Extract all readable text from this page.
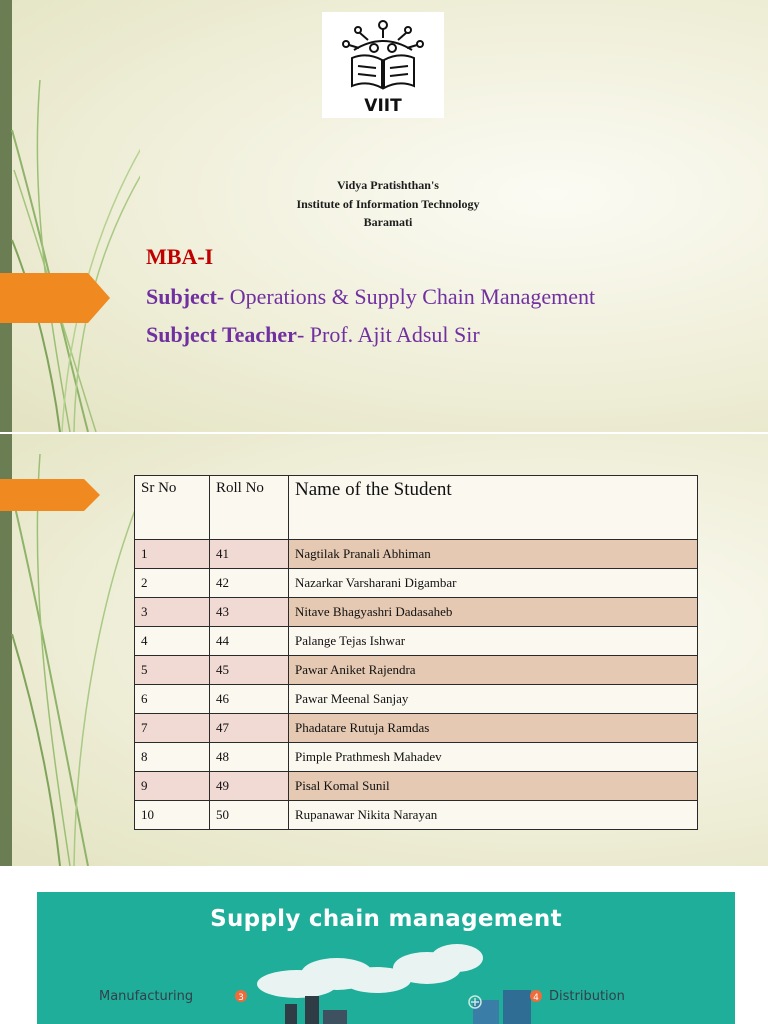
VIIT
Vidya Pratishthan's
Institute of Information Technology
Baramati
MBA-I
Subject- Operations & Supply Chain Management
Subject Teacher- Prof. Ajit Adsul Sir
Sr No	Roll No	Name of the Student
1	41	Nagtilak Pranali Abhiman
2	42	Nazarkar Varsharani Digambar
3	43	Nitave Bhagyashri Dadasaheb
4	44	Palange Tejas Ishwar
5	45	Pawar Aniket Rajendra
6	46	Pawar Meenal Sanjay
7	47	Phadatare Rutuja Ramdas
8	48	Pimple Prathmesh Mahadev
9	49	Pisal Komal Sunil
10	50	Rupanawar Nikita Narayan
Supply chain management
3	4
Manufacturing	Distribution
